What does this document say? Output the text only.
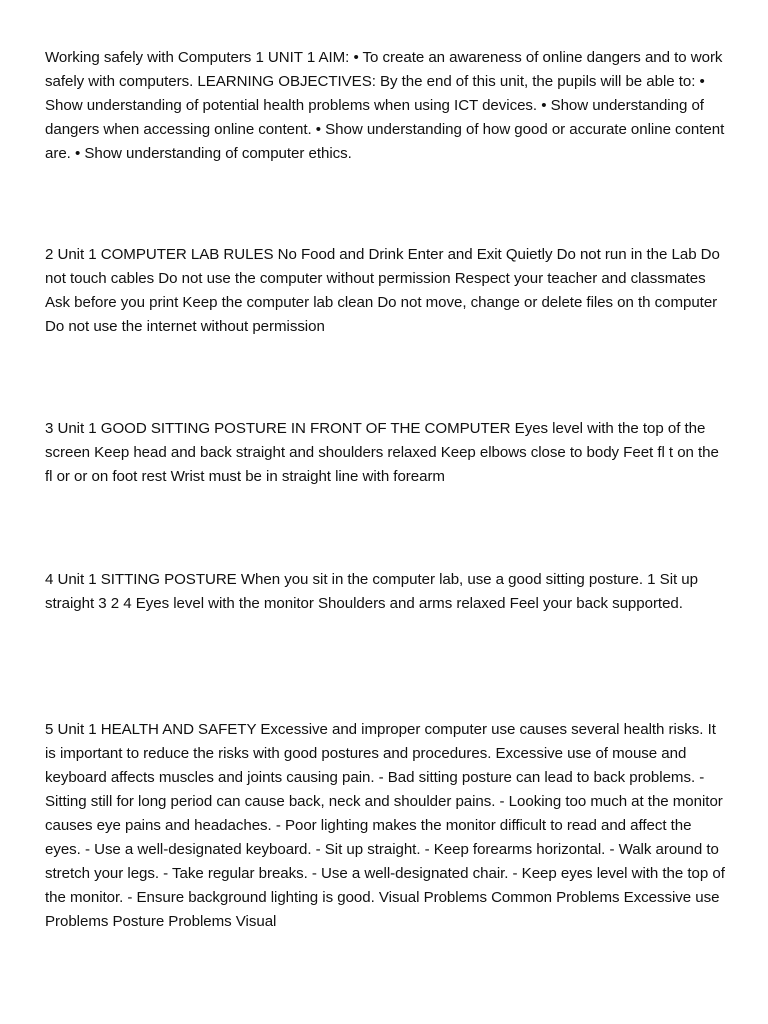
Working safely with Computers 1 UNIT 1 AIM: • To create an awareness of online dangers and to work safely with computers. LEARNING OBJECTIVES: By the end of this unit, the pupils will be able to: • Show understanding of potential health problems when using ICT devices. • Show understanding of dangers when accessing online content. • Show understanding of how good or accurate online content are. • Show understanding of computer ethics.

2 Unit 1 COMPUTER LAB RULES No Food and Drink Enter and Exit Quietly Do not run in the Lab Do not touch cables Do not use the computer without permission Respect your teacher and classmates Ask before you print Keep the computer lab clean Do not move, change or delete files on th computer Do not use the internet without permission

3 Unit 1 GOOD SITTING POSTURE IN FRONT OF THE COMPUTER Eyes level with the top of the screen Keep head and back straight and shoulders relaxed Keep elbows close to body Feet fl t on the fl or or on foot rest Wrist must be in straight line with forearm

4 Unit 1 SITTING POSTURE When you sit in the computer lab, use a good sitting posture. 1 Sit up straight 3 2 4 Eyes level with the monitor Shoulders and arms relaxed Feel your back supported.

5 Unit 1 HEALTH AND SAFETY Excessive and improper computer use causes several health risks. It is important to reduce the risks with good postures and procedures. Excessive use of mouse and keyboard affects muscles and joints causing pain. - Bad sitting posture can lead to back problems. - Sitting still for long period can cause back, neck and shoulder pains. - Looking too much at the monitor causes eye pains and headaches. - Poor lighting makes the monitor difficult to read and affect the eyes. - Use a well-designated keyboard. - Sit up straight. - Keep forearms horizontal. - Walk around to stretch your legs. - Take regular breaks. - Use a well-designated chair. - Keep eyes level with the top of the monitor. - Ensure background lighting is good. Visual Problems Common Problems Excessive use Problems Posture Problems Visual
